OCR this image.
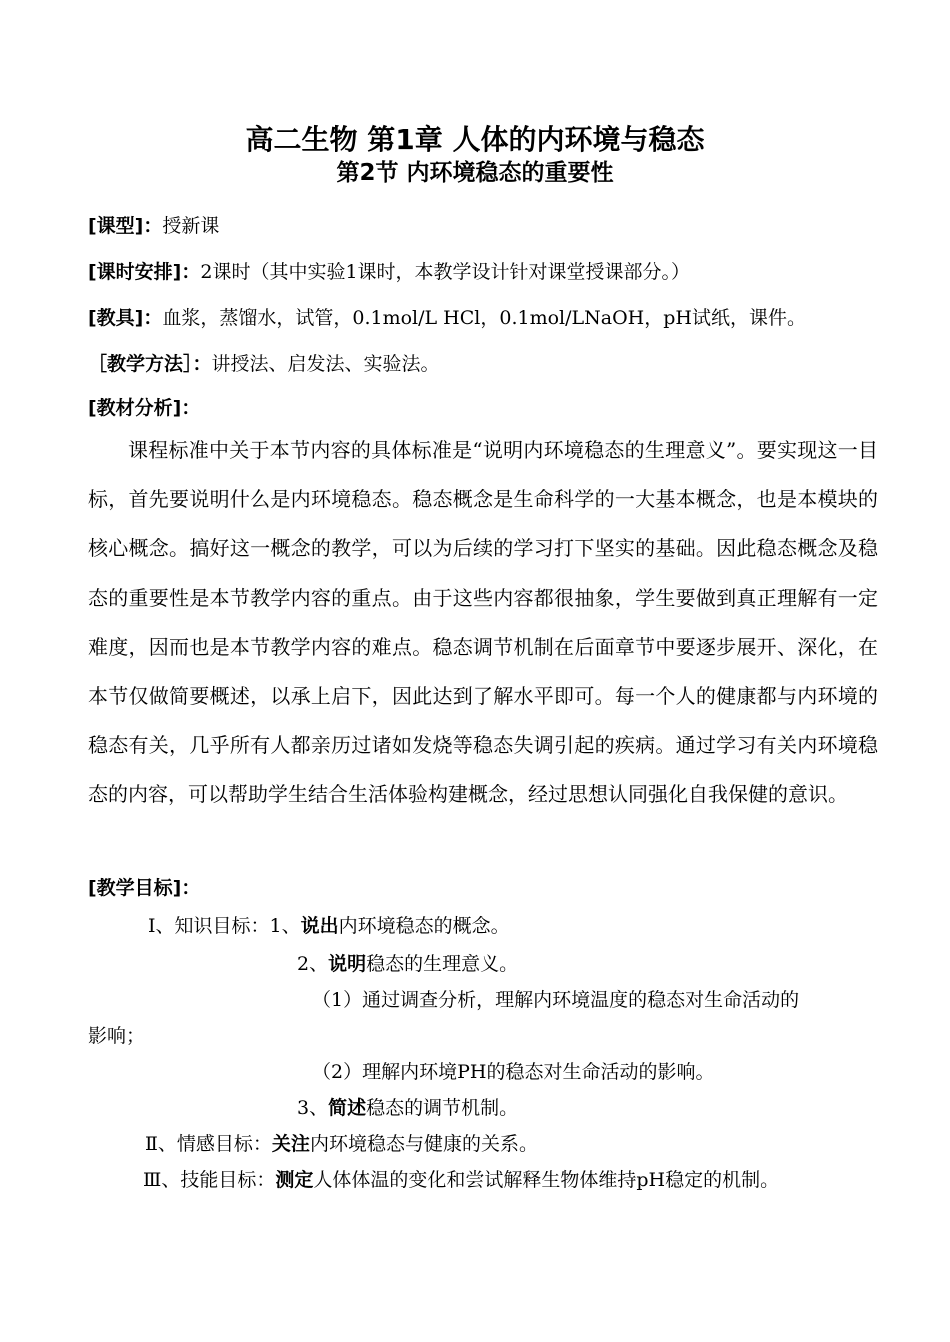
高二生物 第1章 人体的内环境与稳态
第2节 内环境稳态的重要性
[课型]：授新课
[课时安排]：2课时（其中实验1课时，本教学设计针对课堂授课部分。）
[教具]：血浆，蒸馏水，试管，0.1mol/L HCl，0.1mol/LNaOH，pH试纸，课件。
［教学方法］：讲授法、启发法、实验法。
[教材分析]：

课程标准中关于本节内容的具体标准是“说明内环境稳态的生理意义”。要实现这一目标，首先要说明什么是内环境稳态。稳态概念是生命科学的一大基本概念，也是本模块的核心概念。搞好这一概念的教学，可以为后续的学习打下坚实的基础。因此稳态概念及稳态的重要性是本节教学内容的重点。由于这些内容都很抽象，学生要做到真正理解有一定难度，因而也是本节教学内容的难点。稳态调节机制在后面章节中要逐步展开、深化，在本节仅做简要概述，以承上启下，因此达到了解水平即可。每一个人的健康都与内环境的稳态有关，几乎所有人都亲历过诸如发烧等稳态失调引起的疾病。通过学习有关内环境稳态的内容，可以帮助学生结合生活体验构建概念，经过思想认同强化自我保健的意识。

[教学目标]：
Ⅰ、知识目标：1、说出内环境稳态的概念。
2、说明稳态的生理意义。
（1）通过调查分析，理解内环境温度的稳态对生命活动的
影响；
（2）理解内环境PH的稳态对生命活动的影响。
3、简述稳态的调节机制。
Ⅱ、情感目标：关注内环境稳态与健康的关系。
Ⅲ、技能目标：测定人体体温的变化和尝试解释生物体维持pH稳定的机制。
